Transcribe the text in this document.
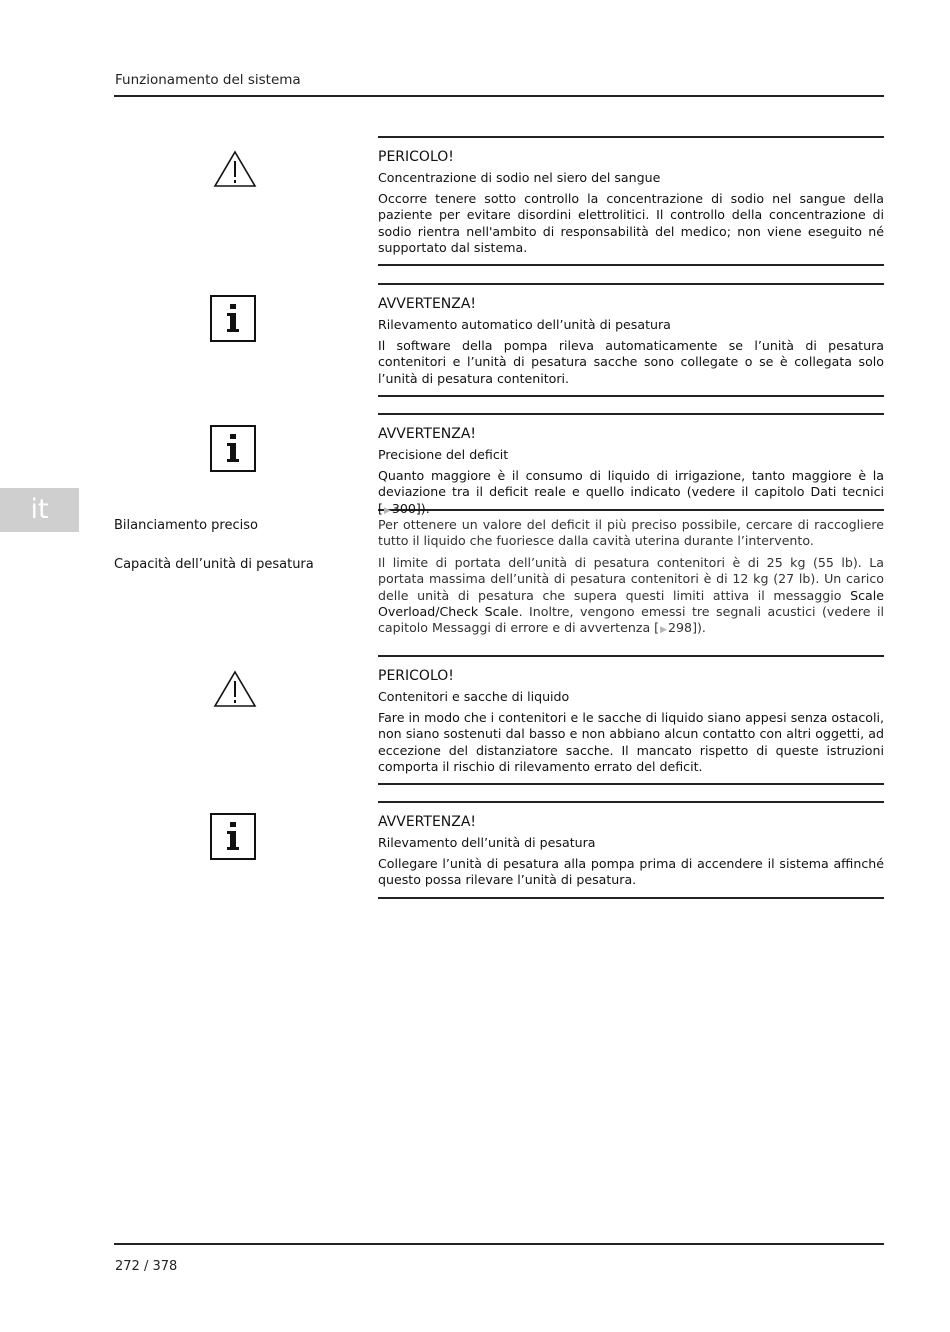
Funzionamento del sistema
it
PERICOLO!
Concentrazione di sodio nel siero del sangue
Occorre tenere sotto controllo la concentrazione di sodio nel sangue della paziente per evitare disordini elettrolitici. Il controllo della concentrazione di sodio rientra nell'ambito di responsabilità del medico; non viene eseguito né supportato dal sistema.
AVVERTENZA!
Rilevamento automatico dell’unità di pesatura
Il software della pompa rileva automaticamente se l’unità di pesatura contenitori e l’unità di pesatura sacche sono collegate o se è collegata solo l’unità di pesatura contenitori.
AVVERTENZA!
Precisione del deficit
Quanto maggiore è il consumo di liquido di irrigazione, tanto maggiore è la deviazione tra il deficit reale e quello indicato (vedere il capitolo Dati tecnici [▶300]).
Bilanciamento preciso	Per ottenere un valore del deficit il più preciso possibile, cercare di raccogliere tutto il liquido che fuoriesce dalla cavità uterina durante l’intervento.
Capacità dell’unità di pesatura	Il limite di portata dell’unità di pesatura contenitori è di 25 kg (55 lb). La portata massima dell’unità di pesatura contenitori è di 12 kg (27 lb). Un carico delle unità di pesatura che supera questi limiti attiva il messaggio Scale Overload/Check Scale. Inoltre, vengono emessi tre segnali acustici (vedere il capitolo Messaggi di errore e di avvertenza [▶298]).
PERICOLO!
Contenitori e sacche di liquido
Fare in modo che i contenitori e le sacche di liquido siano appesi senza ostacoli, non siano sostenuti dal basso e non abbiano alcun contatto con altri oggetti, ad eccezione del distanziatore sacche. Il mancato rispetto di queste istruzioni comporta il rischio di rilevamento errato del deficit.
AVVERTENZA!
Rilevamento dell’unità di pesatura
Collegare l’unità di pesatura alla pompa prima di accendere il sistema affinché questo possa rilevare l’unità di pesatura.
272 / 378
